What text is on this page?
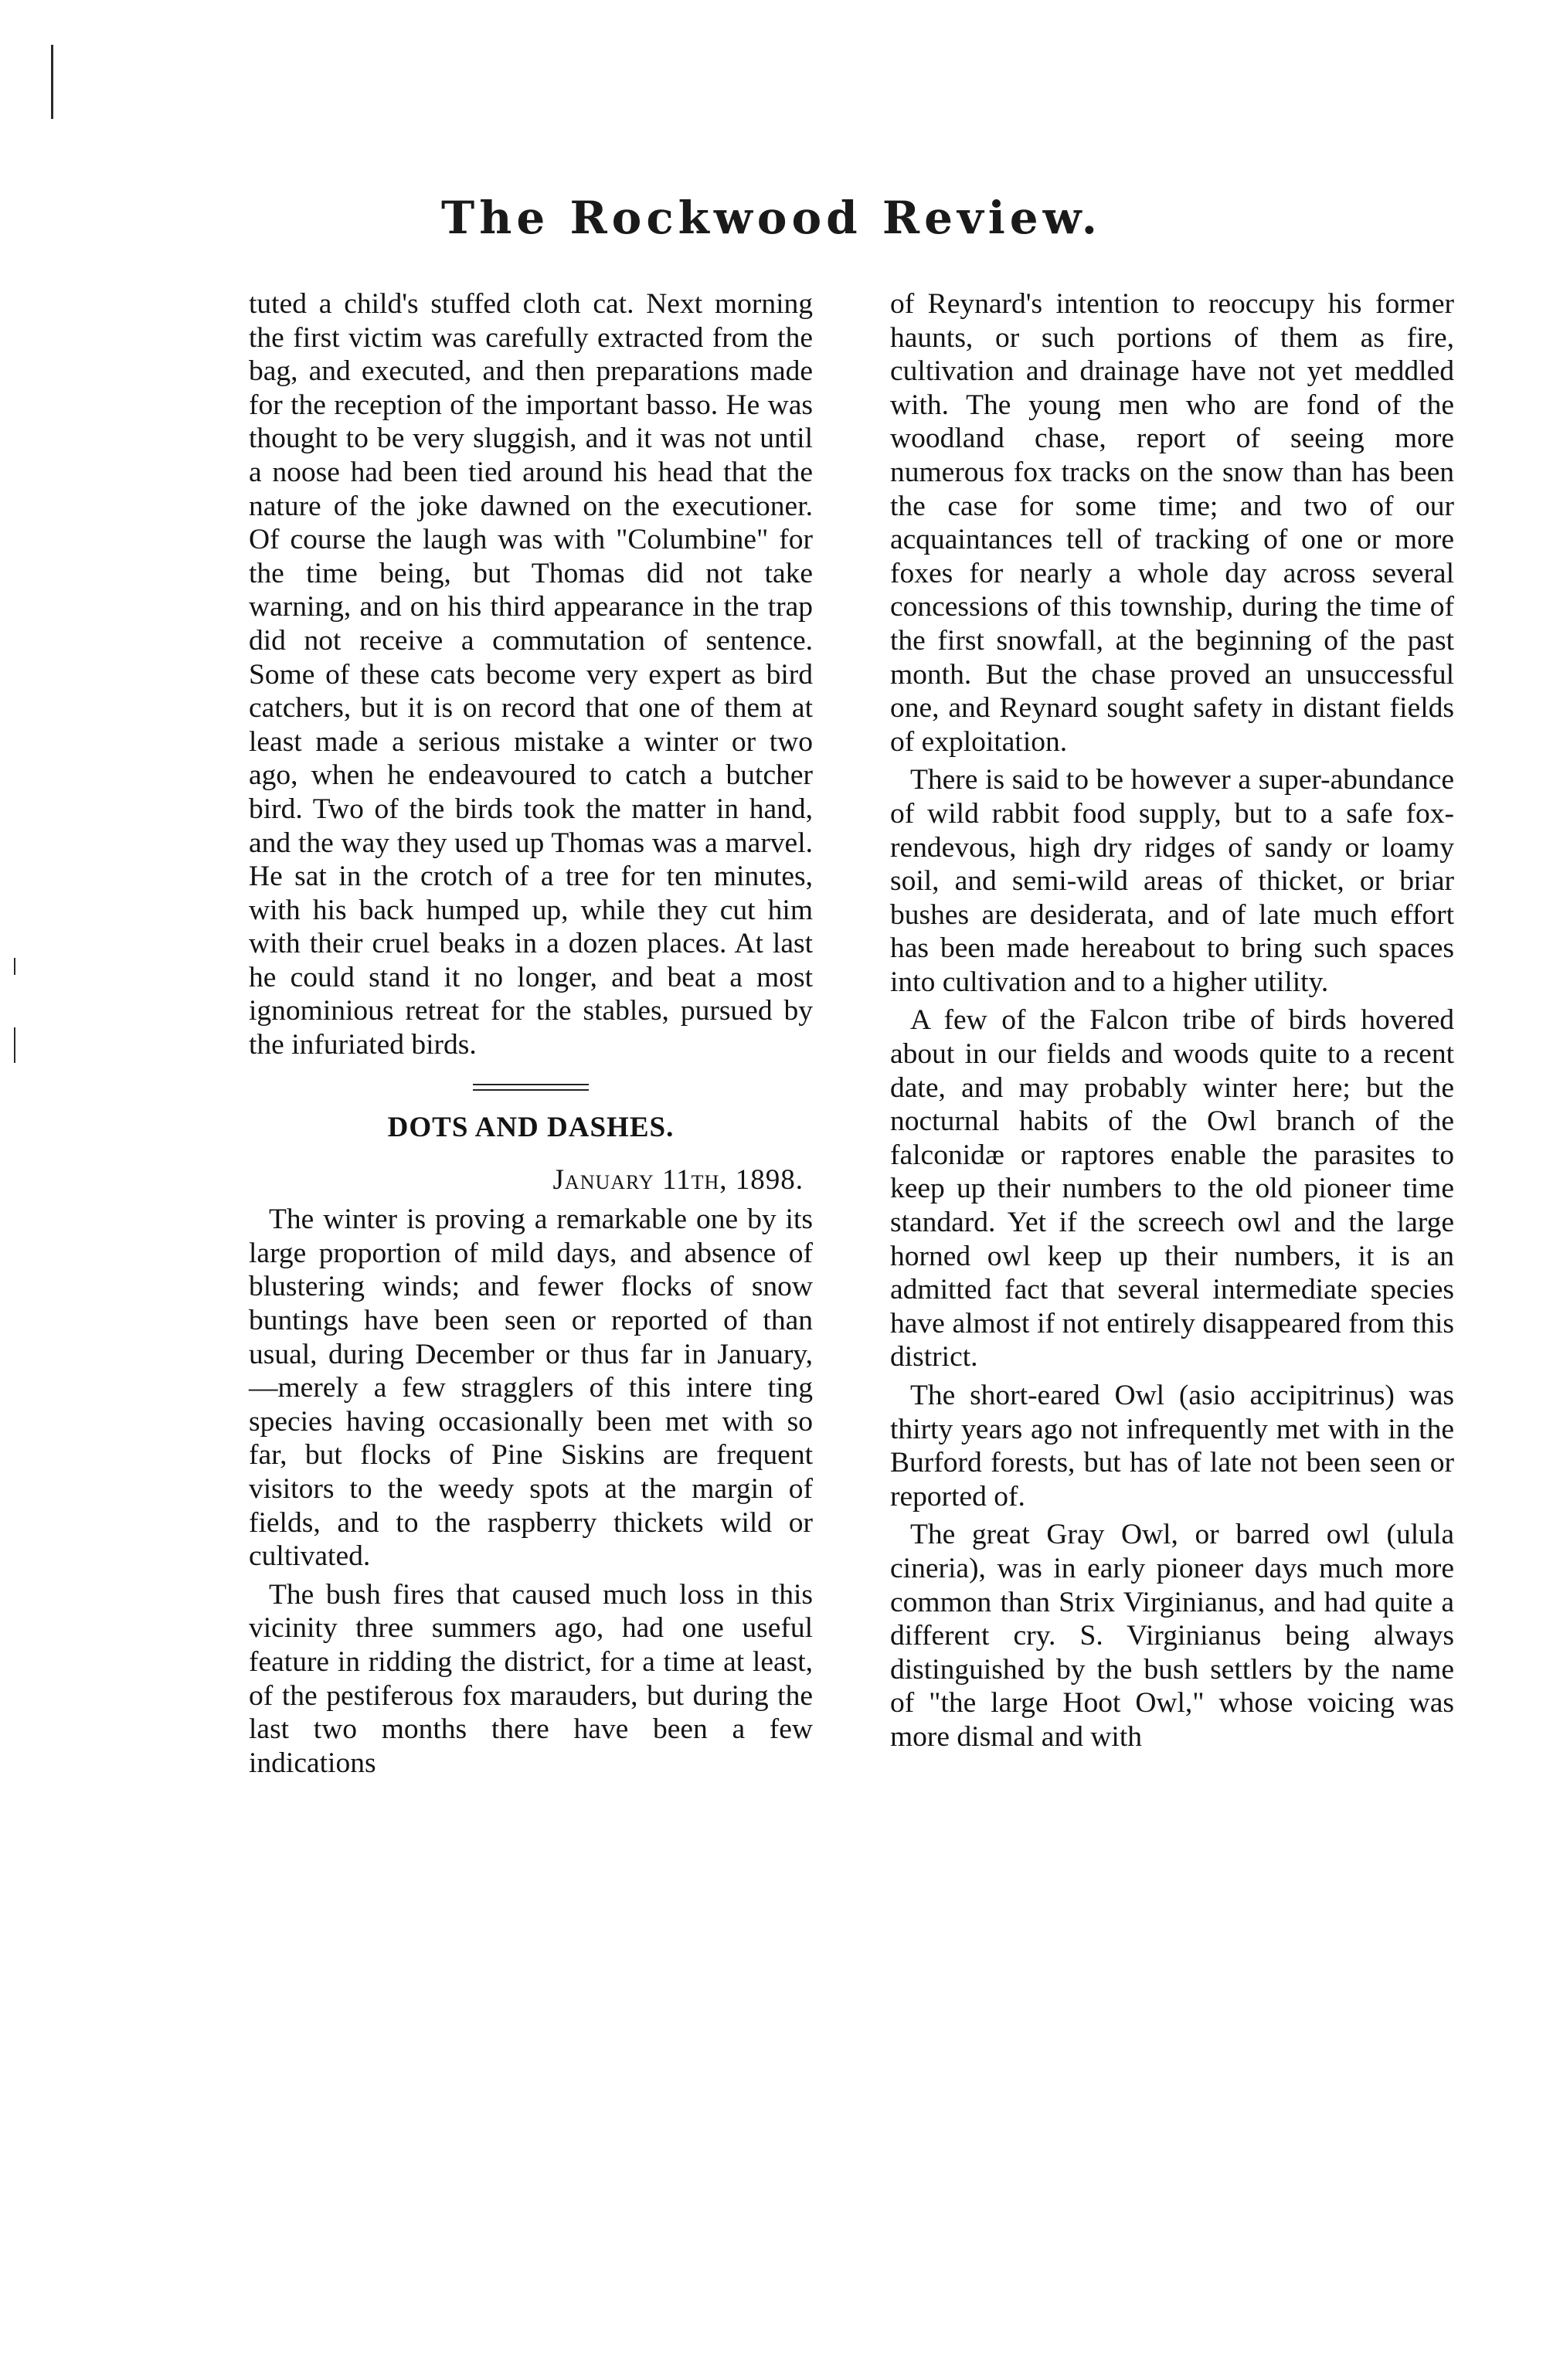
The Rockwood Review.

tuted a child's stuffed cloth cat. Next morning the first victim was carefully extracted from the bag, and executed, and then preparations made for the reception of the important basso. He was thought to be very sluggish, and it was not until a noose had been tied around his head that the nature of the joke dawned on the executioner. Of course the laugh was with "Columbine" for the time being, but Thomas did not take warning, and on his third appearance in the trap did not receive a commutation of sentence. Some of these cats become very expert as bird catchers, but it is on record that one of them at least made a serious mistake a winter or two ago, when he endeavoured to catch a butcher bird. Two of the birds took the matter in hand, and the way they used up Thomas was a marvel. He sat in the crotch of a tree for ten minutes, with his back humped up, while they cut him with their cruel beaks in a dozen places. At last he could stand it no longer, and beat a most ignominious retreat for the stables, pursued by the infuriated birds.

DOTS AND DASHES.
January 11th, 1898.

The winter is proving a remarkable one by its large proportion of mild days, and absence of blustering winds; and fewer flocks of snow buntings have been seen or reported of than usual, during December or thus far in January,—merely a few stragglers of this intere ting species having occasionally been met with so far, but flocks of Pine Siskins are frequent visitors to the weedy spots at the margin of fields, and to the raspberry thickets wild or cultivated.

The bush fires that caused much loss in this vicinity three summers ago, had one useful feature in ridding the district, for a time at least, of the pestiferous fox marauders, but during the last two months there have been a few indications

of Reynard's intention to reoccupy his former haunts, or such portions of them as fire, cultivation and drainage have not yet meddled with. The young men who are fond of the woodland chase, report of seeing more numerous fox tracks on the snow than has been the case for some time; and two of our acquaintances tell of tracking of one or more foxes for nearly a whole day across several concessions of this township, during the time of the first snowfall, at the beginning of the past month. But the chase proved an unsuccessful one, and Reynard sought safety in distant fields of exploitation.

There is said to be however a super-abundance of wild rabbit food supply, but to a safe fox-rendevous, high dry ridges of sandy or loamy soil, and semi-wild areas of thicket, or briar bushes are desiderata, and of late much effort has been made hereabout to bring such spaces into cultivation and to a higher utility.

A few of the Falcon tribe of birds hovered about in our fields and woods quite to a recent date, and may probably winter here; but the nocturnal habits of the Owl branch of the falconidæ or raptores enable the parasites to keep up their numbers to the old pioneer time standard. Yet if the screech owl and the large horned owl keep up their numbers, it is an admitted fact that several intermediate species have almost if not entirely disappeared from this district.

The short-eared Owl (asio accipitrinus) was thirty years ago not infrequently met with in the Burford forests, but has of late not been seen or reported of.

The great Gray Owl, or barred owl (ulula cineria), was in early pioneer days much more common than Strix Virginianus, and had quite a different cry. S. Virginianus being always distinguished by the bush settlers by the name of "the large Hoot Owl," whose voicing was more dismal and with
